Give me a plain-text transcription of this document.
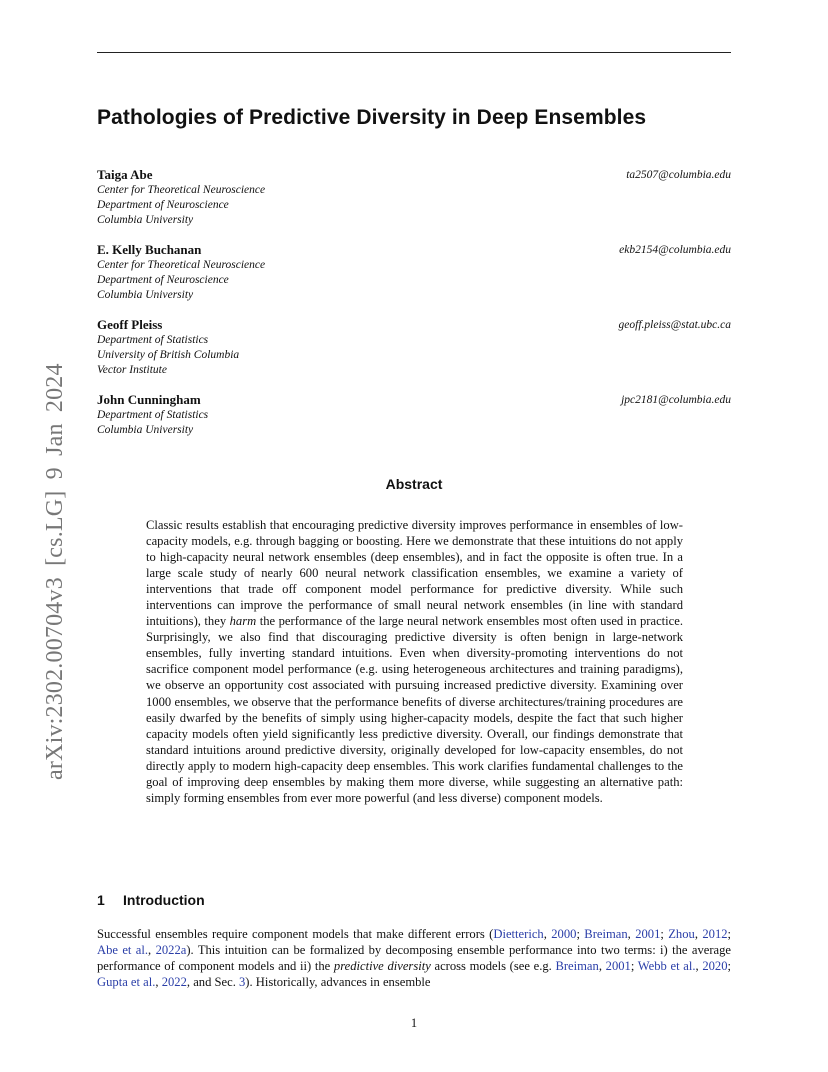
arXiv:2302.00704v3 [cs.LG] 9 Jan 2024
Pathologies of Predictive Diversity in Deep Ensembles
Taiga Abe	ta2507@columbia.edu
Center for Theoretical Neuroscience
Department of Neuroscience
Columbia University
E. Kelly Buchanan	ekb2154@columbia.edu
Center for Theoretical Neuroscience
Department of Neuroscience
Columbia University
Geoff Pleiss	geoff.pleiss@stat.ubc.ca
Department of Statistics
University of British Columbia
Vector Institute
John Cunningham	jpc2181@columbia.edu
Department of Statistics
Columbia University
Abstract

Classic results establish that encouraging predictive diversity improves performance in ensembles of low-capacity models, e.g. through bagging or boosting. Here we demonstrate that these intuitions do not apply to high-capacity neural network ensembles (deep ensembles), and in fact the opposite is often true. In a large scale study of nearly 600 neural network classification ensembles, we examine a variety of interventions that trade off component model performance for predictive diversity. While such interventions can improve the performance of small neural network ensembles (in line with standard intuitions), they harm the performance of the large neural network ensembles most often used in practice. Surprisingly, we also find that discouraging predictive diversity is often benign in large-network ensembles, fully inverting standard intuitions. Even when diversity-promoting interventions do not sacrifice component model performance (e.g. using heterogeneous architectures and training paradigms), we observe an opportunity cost associated with pursuing increased predictive diversity. Examining over 1000 ensembles, we observe that the performance benefits of diverse architectures/training procedures are easily dwarfed by the benefits of simply using higher-capacity models, despite the fact that such higher capacity models often yield significantly less predictive diversity. Overall, our findings demonstrate that standard intuitions around predictive diversity, originally developed for low-capacity ensembles, do not directly apply to modern high-capacity deep ensembles. This work clarifies fundamental challenges to the goal of improving deep ensembles by making them more diverse, while suggesting an alternative path: simply forming ensembles from ever more powerful (and less diverse) component models.

1 Introduction

Successful ensembles require component models that make different errors (Dietterich, 2000; Breiman, 2001; Zhou, 2012; Abe et al., 2022a). This intuition can be formalized by decomposing ensemble performance into two terms: i) the average performance of component models and ii) the predictive diversity across models (see e.g. Breiman, 2001; Webb et al., 2020; Gupta et al., 2022, and Sec. 3). Historically, advances in ensemble

1
